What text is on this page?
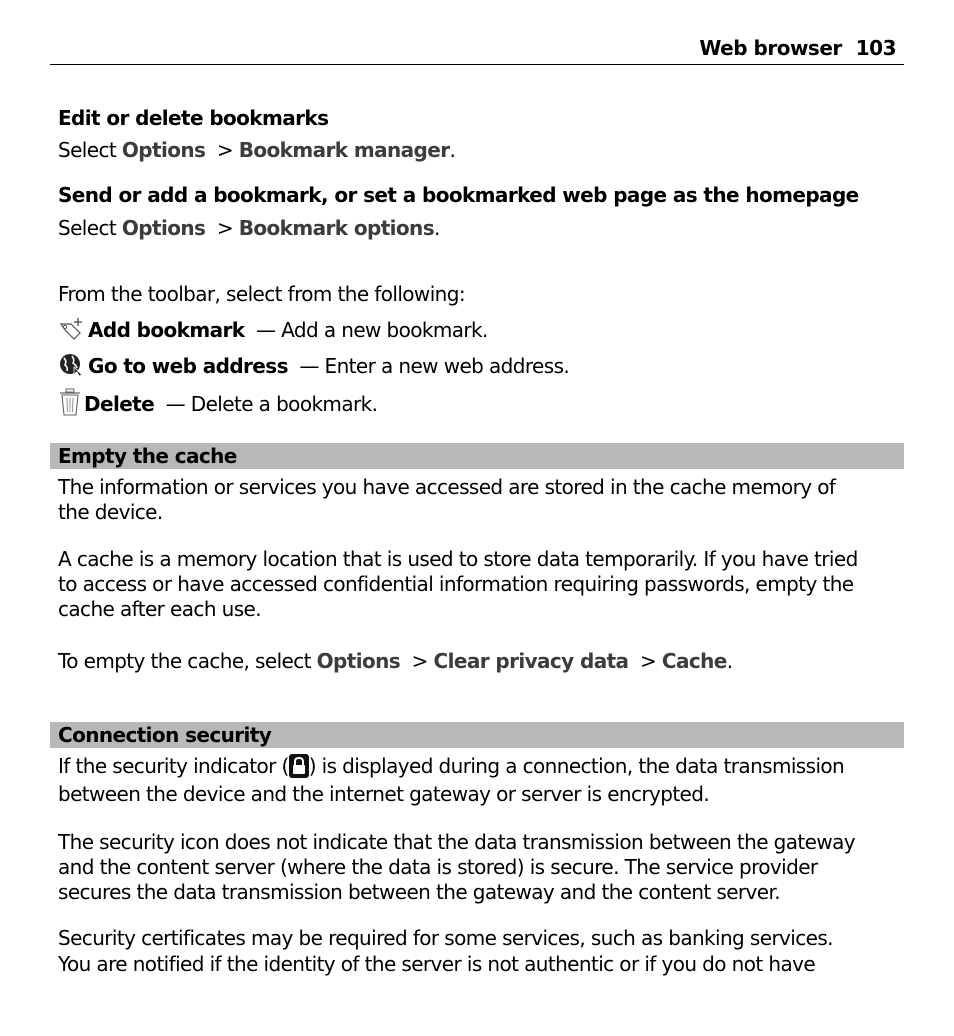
Web browser 103
Edit or delete bookmarks
Select Options > Bookmark manager.
Send or add a bookmark, or set a bookmarked web page as the homepage
Select Options > Bookmark options.
From the toolbar, select from the following:
Add bookmark — Add a new bookmark.
Go to web address — Enter a new web address.
Delete — Delete a bookmark.
Empty the cache
The information or services you have accessed are stored in the cache memory of
the device.
A cache is a memory location that is used to store data temporarily. If you have tried
to access or have accessed confidential information requiring passwords, empty the
cache after each use.
To empty the cache, select Options > Clear privacy data > Cache.
Connection security
If the security indicator ( ) is displayed during a connection, the data transmission
between the device and the internet gateway or server is encrypted.
The security icon does not indicate that the data transmission between the gateway
and the content server (where the data is stored) is secure. The service provider
secures the data transmission between the gateway and the content server.
Security certificates may be required for some services, such as banking services.
You are notified if the identity of the server is not authentic or if you do not have
